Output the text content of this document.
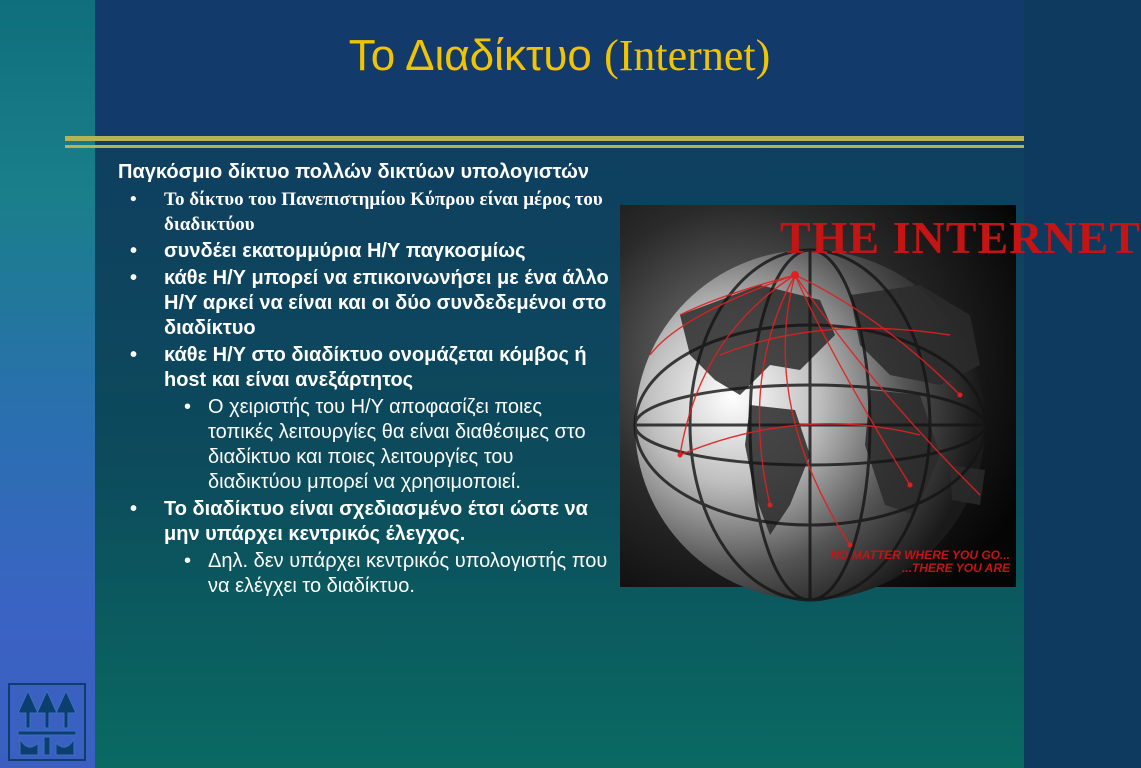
Το Διαδίκτυο (Internet)
Παγκόσμιο δίκτυο πολλών δικτύων υπολογιστών
• Το δίκτυο του Πανεπιστημίου Κύπρου είναι μέρος του διαδικτύου
• συνδέει εκατομμύρια Η/Υ παγκοσμίως
• κάθε Η/Υ μπορεί να επικοινωνήσει με ένα άλλο Η/Υ αρκεί να είναι και οι δύο συνδεδεμένοι στο διαδίκτυο
• κάθε Η/Υ στο διαδίκτυο ονομάζεται κόμβος ή host και είναι ανεξάρτητος
• Ο χειριστής του Η/Υ αποφασίζει ποιες τοπικές λειτουργίες θα είναι διαθέσιμες στο διαδίκτυο και ποιες λειτουργίες του διαδικτύου μπορεί να χρησιμοποιεί.
• Το διαδίκτυο είναι σχεδιασμένο έτσι ώστε να μην υπάρχει κεντρικός έλεγχος.
• Δηλ. δεν υπάρχει κεντρικός υπολογιστής που να ελέγχει το διαδίκτυο.
THE INTERNET
NO MATTER WHERE YOU GO...
...THERE YOU ARE
